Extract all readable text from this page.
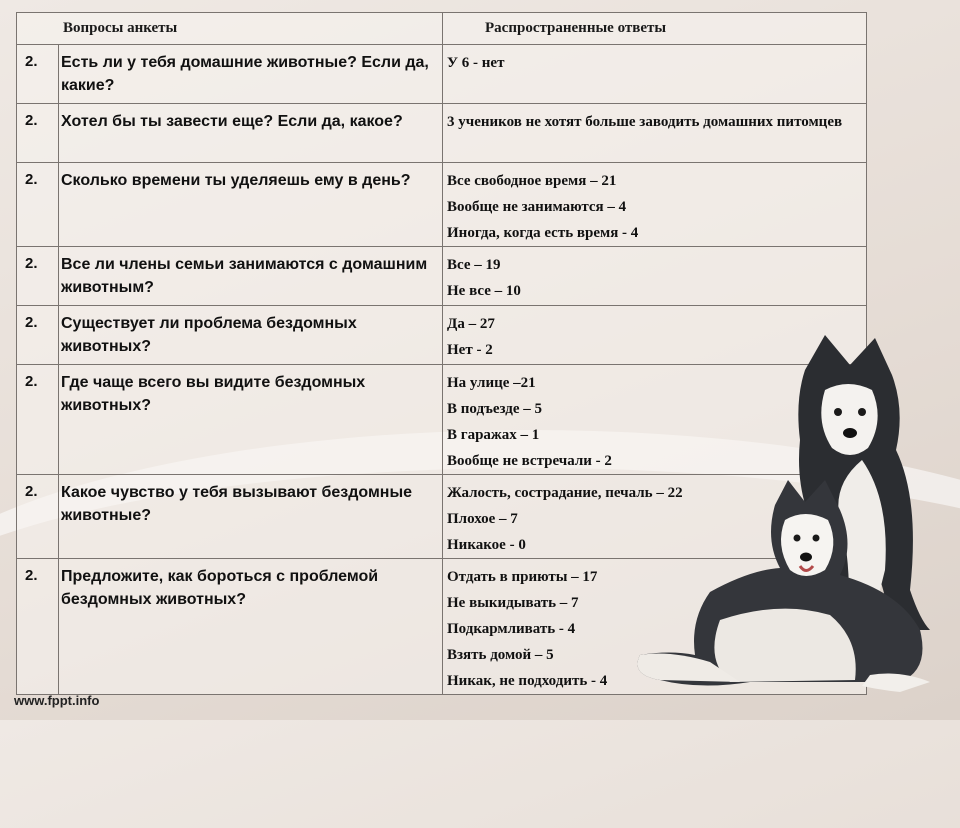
Вопросы анкеты		Распространенные ответы
2.	Есть ли у тебя домашние животные? Если да, какие?	У 6 - нет

2.	Хотел бы ты завести еще? Если да, какое?	3 учеников не хотят больше заводить домашних питомцев

2.	Сколько времени ты уделяешь ему в день?	Все свободное время – 21
Вообще не занимаются – 4
Иногда, когда есть время - 4

2.	Все ли члены семьи занимаются с домашним животным?	Все – 19
Не все – 10

2.	Существует ли проблема бездомных животных?	Да – 27
Нет - 2

2.	Где чаще всего вы видите бездомных животных?	На улице –21
В подъезде – 5
В гаражах – 1
Вообще не встречали - 2

2.	Какое чувство у тебя вызывают бездомные животные?	Жалость, сострадание, печаль – 22
Плохое – 7
Никакое - 0

2.	Предложите, как бороться с проблемой бездомных животных?	Отдать в приюты – 17
Не выкидывать – 7
Подкармливать - 4
Взять домой – 5
Никак, не подходить - 4
www.fppt.info
